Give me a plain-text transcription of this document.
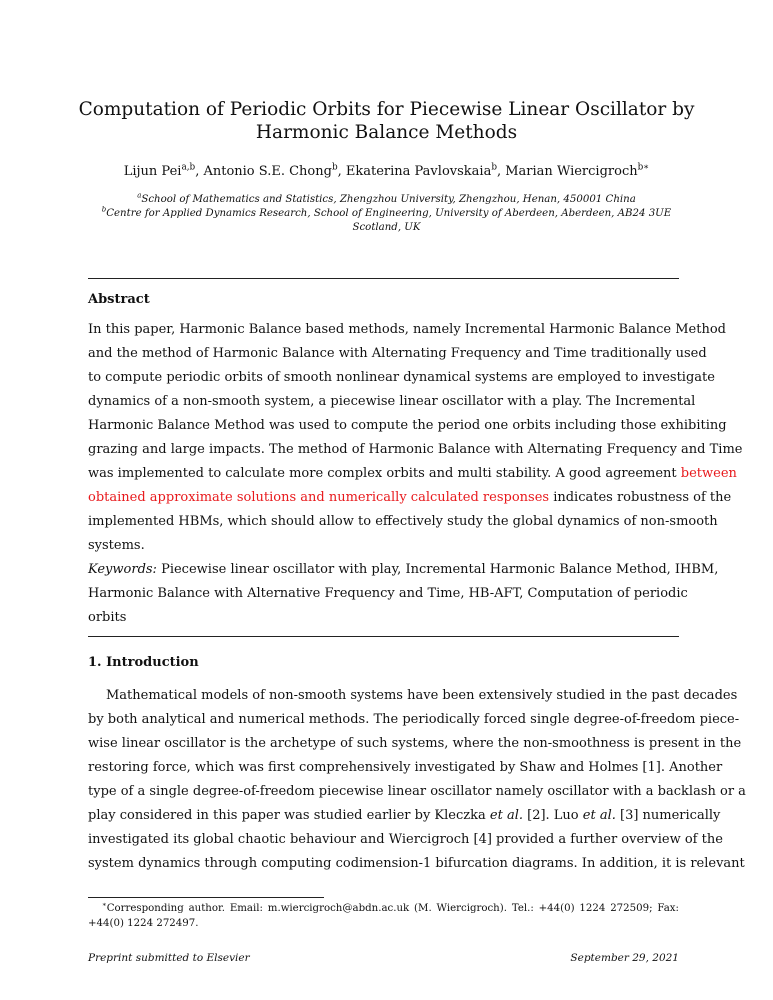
Computation of Periodic Orbits for Piecewise Linear Oscillator by
Harmonic Balance Methods
Lijun Pei$^{a,b}$, Antonio S.E. Chong$^b$, Ekaterina Pavlovskaia$^b$, Marian Wiercigroch$^{b∗}$
$^a$School of Mathematics and Statistics, Zhengzhou University, Zhengzhou, Henan, 450001 China
$^b$Centre for Applied Dynamics Research, School of Engineering, University of Aberdeen, Aberdeen, AB24 3UE
Scotland, UK
Abstract
In this paper, Harmonic Balance based methods, namely Incremental Harmonic Balance Method
and the method of Harmonic Balance with Alternating Frequency and Time traditionally used
to compute periodic orbits of smooth nonlinear dynamical systems are employed to investigate
dynamics of a non-smooth system, a piecewise linear oscillator with a play. The Incremental
Harmonic Balance Method was used to compute the period one orbits including those exhibiting
grazing and large impacts. The method of Harmonic Balance with Alternating Frequency and Time
was implemented to calculate more complex orbits and multi stability. A good agreement between
obtained approximate solutions and numerically calculated responses indicates robustness of the
implemented HBMs, which should allow to effectively study the global dynamics of non-smooth
systems.
Keywords: Piecewise linear oscillator with play, Incremental Harmonic Balance Method, IHBM,
Harmonic Balance with Alternative Frequency and Time, HB-AFT, Computation of periodic
orbits
1. Introduction
Mathematical models of non-smooth systems have been extensively studied in the past decades
by both analytical and numerical methods. The periodically forced single degree-of-freedom piece-
wise linear oscillator is the archetype of such systems, where the non-smoothness is present in the
restoring force, which was first comprehensively investigated by Shaw and Holmes [1]. Another
type of a single degree-of-freedom piecewise linear oscillator namely oscillator with a backlash or a
play considered in this paper was studied earlier by Kleczka et al. [2]. Luo et al. [3] numerically
investigated its global chaotic behaviour and Wiercigroch [4] provided a further overview of the
system dynamics through computing codimension-1 bifurcation diagrams. In addition, it is relevant
∗Corresponding author. Email: m.wiercigroch@abdn.ac.uk (M. Wiercigroch). Tel.: +44(0) 1224 272509; Fax:
+44(0) 1224 272497.
Preprint submitted to Elsevier	September 29, 2021
